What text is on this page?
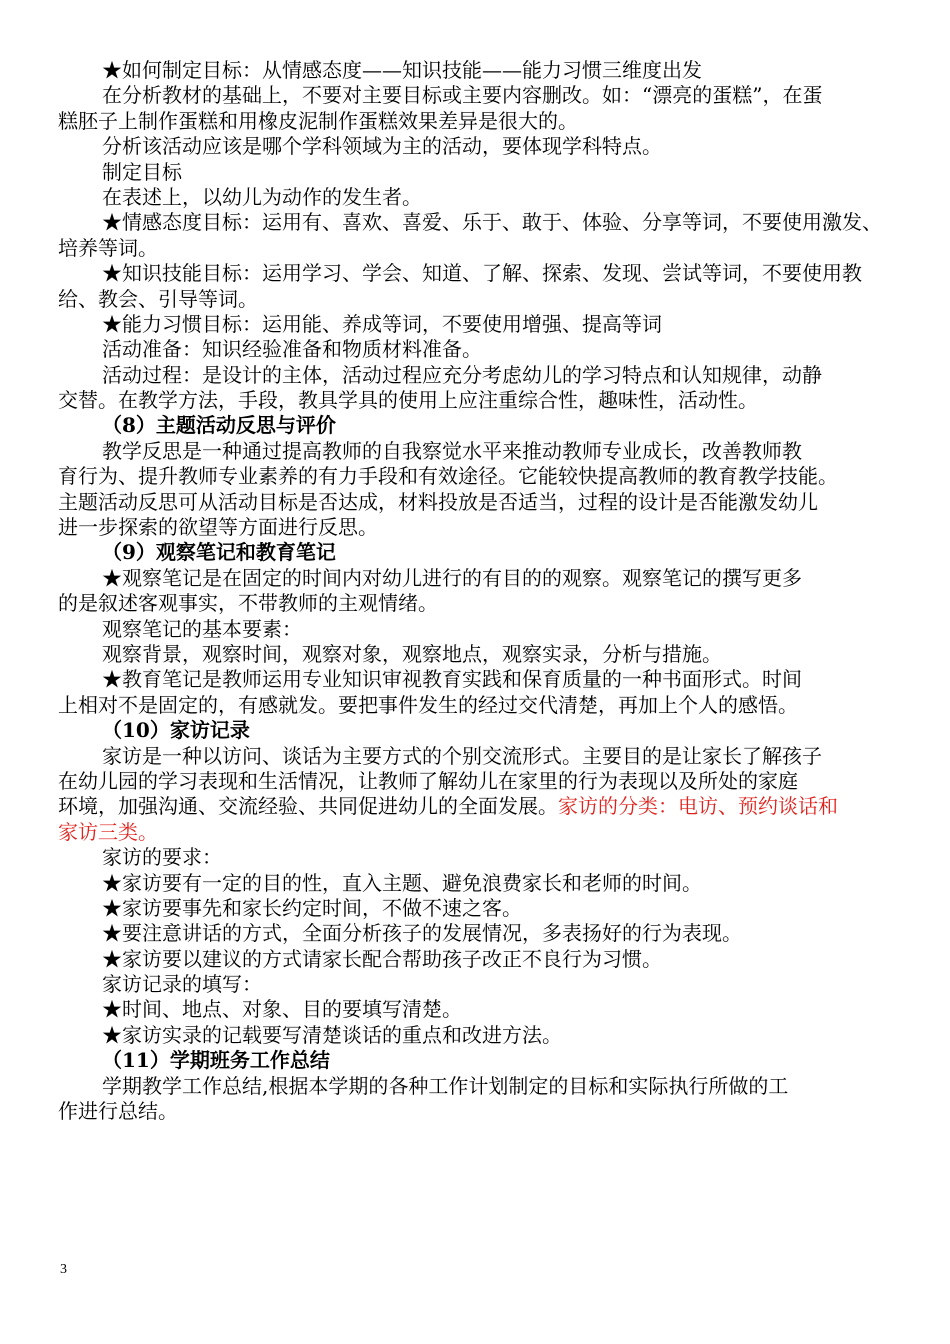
★如何制定目标：从情感态度——知识技能——能力习惯三维度出发
在分析教材的基础上，不要对主要目标或主要内容删改。如：“漂亮的蛋糕”，在蛋
糕胚子上制作蛋糕和用橡皮泥制作蛋糕效果差异是很大的。
分析该活动应该是哪个学科领域为主的活动，要体现学科特点。
制定目标
在表述上，以幼儿为动作的发生者。
★情感态度目标：运用有、喜欢、喜爱、乐于、敢于、体验、分享等词，不要使用激发、
培养等词。
★知识技能目标：运用学习、学会、知道、了解、探索、发现、尝试等词，不要使用教
给、教会、引导等词。
★能力习惯目标：运用能、养成等词，不要使用增强、提高等词
活动准备：知识经验准备和物质材料准备。
活动过程：是设计的主体，活动过程应充分考虑幼儿的学习特点和认知规律，动静
交替。在教学方法，手段，教具学具的使用上应注重综合性，趣味性，活动性。
（8）主题活动反思与评价
教学反思是一种通过提高教师的自我察觉水平来推动教师专业成长，改善教师教
育行为、提升教师专业素养的有力手段和有效途径。它能较快提高教师的教育教学技能。
主题活动反思可从活动目标是否达成，材料投放是否适当，过程的设计是否能激发幼儿
进一步探索的欲望等方面进行反思。
（9）观察笔记和教育笔记
★观察笔记是在固定的时间内对幼儿进行的有目的的观察。观察笔记的撰写更多
的是叙述客观事实，不带教师的主观情绪。
观察笔记的基本要素：
观察背景，观察时间，观察对象，观察地点，观察实录，分析与措施。
★教育笔记是教师运用专业知识审视教育实践和保育质量的一种书面形式。时间
上相对不是固定的，有感就发。要把事件发生的经过交代清楚，再加上个人的感悟。
（10）家访记录
家访是一种以访问、谈话为主要方式的个别交流形式。主要目的是让家长了解孩子
在幼儿园的学习表现和生活情况，让教师了解幼儿在家里的行为表现以及所处的家庭
环境，加强沟通、交流经验、共同促进幼儿的全面发展。家访的分类：电访、预约谈话和
家访三类。
家访的要求：
★家访要有一定的目的性，直入主题、避免浪费家长和老师的时间。
★家访要事先和家长约定时间，不做不速之客。
★要注意讲话的方式，全面分析孩子的发展情况，多表扬好的行为表现。
★家访要以建议的方式请家长配合帮助孩子改正不良行为习惯。
家访记录的填写：
★时间、地点、对象、目的要填写清楚。
★家访实录的记载要写清楚谈话的重点和改进方法。
（11）学期班务工作总结
学期教学工作总结,根据本学期的各种工作计划制定的目标和实际执行所做的工
作进行总结。
3
